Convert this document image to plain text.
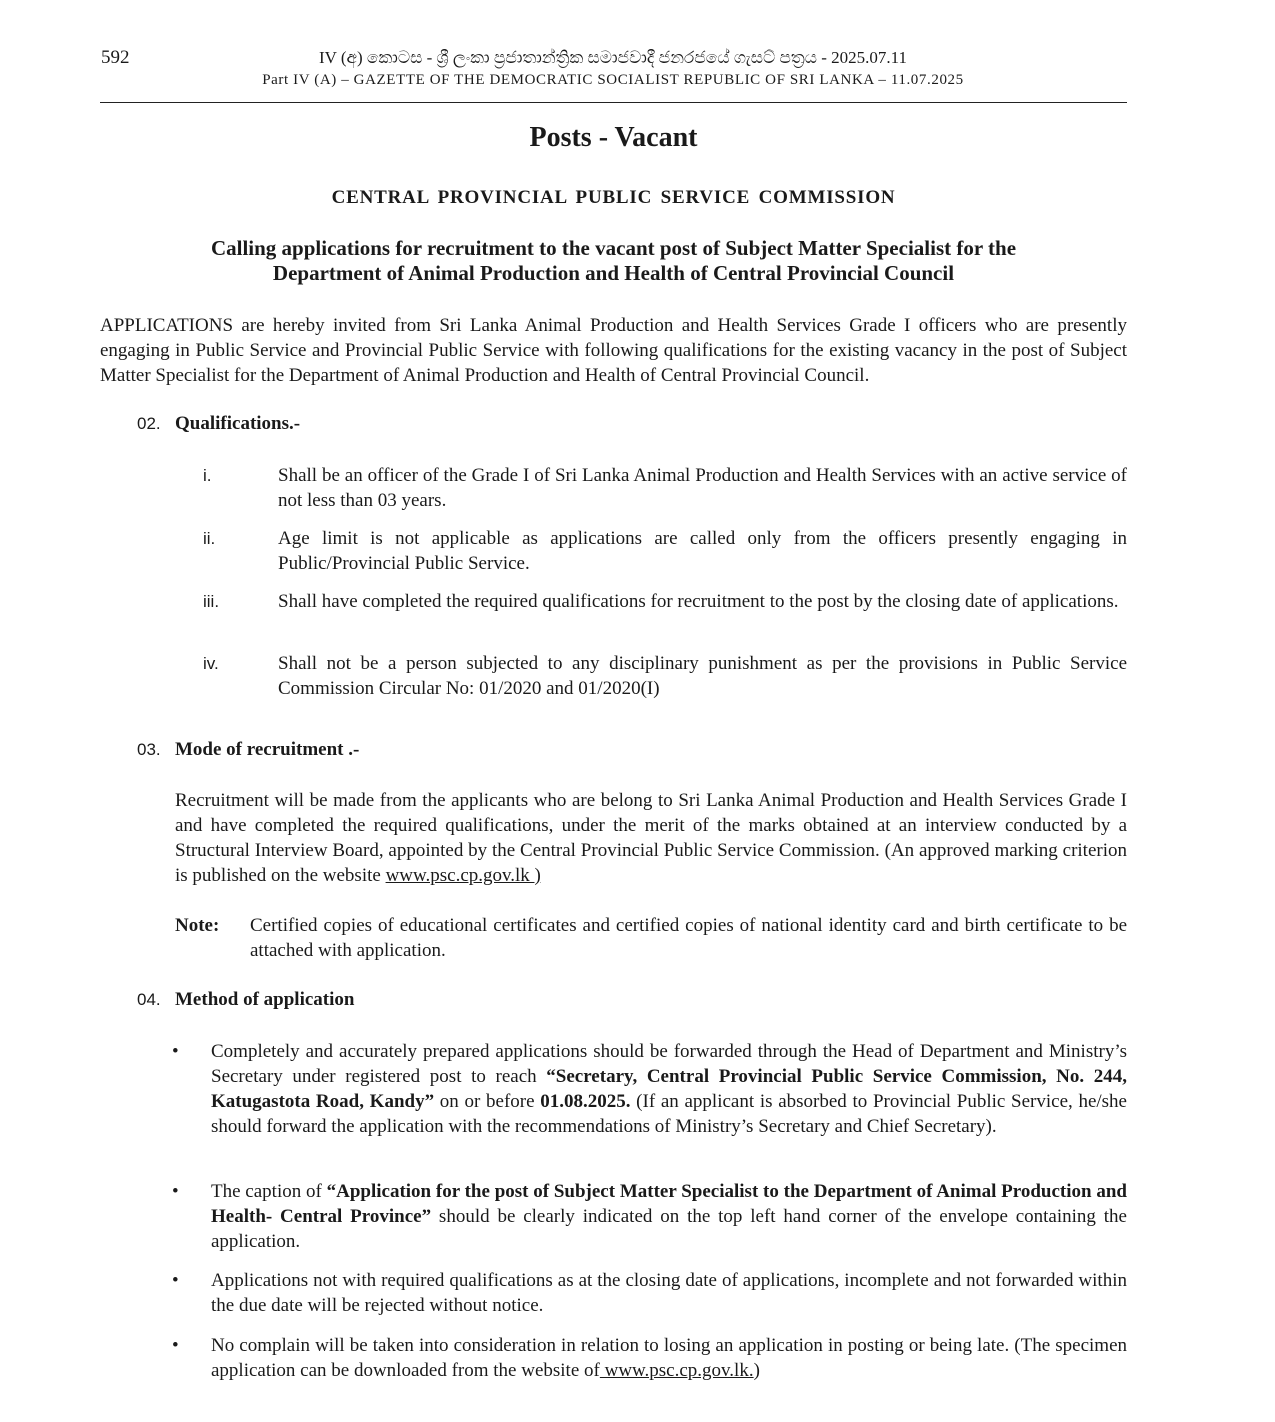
592	IV (අ) කොටස - ශ්‍රී ලංකා ප්‍රජාතාන්ත්‍රික සමාජවාදී ජනරජයේ ගැසට් පත්‍රය - 2025.07.11
Part IV (A) – GAZETTE OF THE DEMOCRATIC SOCIALIST REPUBLIC OF SRI LANKA – 11.07.2025
Posts - Vacant
CENTRAL PROVINCIAL PUBLIC SERVICE COMMISSION
Calling applications for recruitment to the vacant post of Subject Matter Specialist for the
Department of Animal Production and Health of Central Provincial Council
APPLICATIONS are hereby invited from Sri Lanka Animal Production and Health Services Grade I officers who are presently engaging in Public Service and Provincial Public Service with following qualifications for the existing vacancy in the post of Subject Matter Specialist for the Department of Animal Production and Health of Central Provincial Council.
02. Qualifications.-
i.	Shall be an officer of the Grade I of Sri Lanka Animal Production and Health Services with an active service of not less than 03 years.
ii.	Age limit is not applicable as applications are called only from the officers presently engaging in Public/Provincial Public Service.
iii.	Shall have completed the required qualifications for recruitment to the post by the closing date of applications.
iv.	Shall not be a person subjected to any disciplinary punishment as per the provisions in Public Service Commission Circular No: 01/2020 and 01/2020(I)
03. Mode of recruitment .-
Recruitment will be made from the applicants who are belong to Sri Lanka Animal Production and Health Services Grade I and have completed the required qualifications, under the merit of the marks obtained at an interview conducted by a Structural Interview Board, appointed by the Central Provincial Public Service Commission. (An approved marking criterion is published on the website www.psc.cp.gov.lk )
Note: Certified copies of educational certificates and certified copies of national identity card and birth certificate to be attached with application.
04. Method of application
• Completely and accurately prepared applications should be forwarded through the Head of Department and Ministry’s Secretary under registered post to reach “Secretary, Central Provincial Public Service Commission, No. 244, Katugastota Road, Kandy” on or before 01.08.2025. (If an applicant is absorbed to Provincial Public Service, he/she should forward the application with the recommendations of Ministry’s Secretary and Chief Secretary).
• The caption of “Application for the post of Subject Matter Specialist to the Department of Animal Production and Health- Central Province” should be clearly indicated on the top left hand corner of the envelope containing the application.
• Applications not with required qualifications as at the closing date of applications, incomplete and not forwarded within the due date will be rejected without notice.
• No complain will be taken into consideration in relation to losing an application in posting or being late. (The specimen application can be downloaded from the website of www.psc.cp.gov.lk.)
